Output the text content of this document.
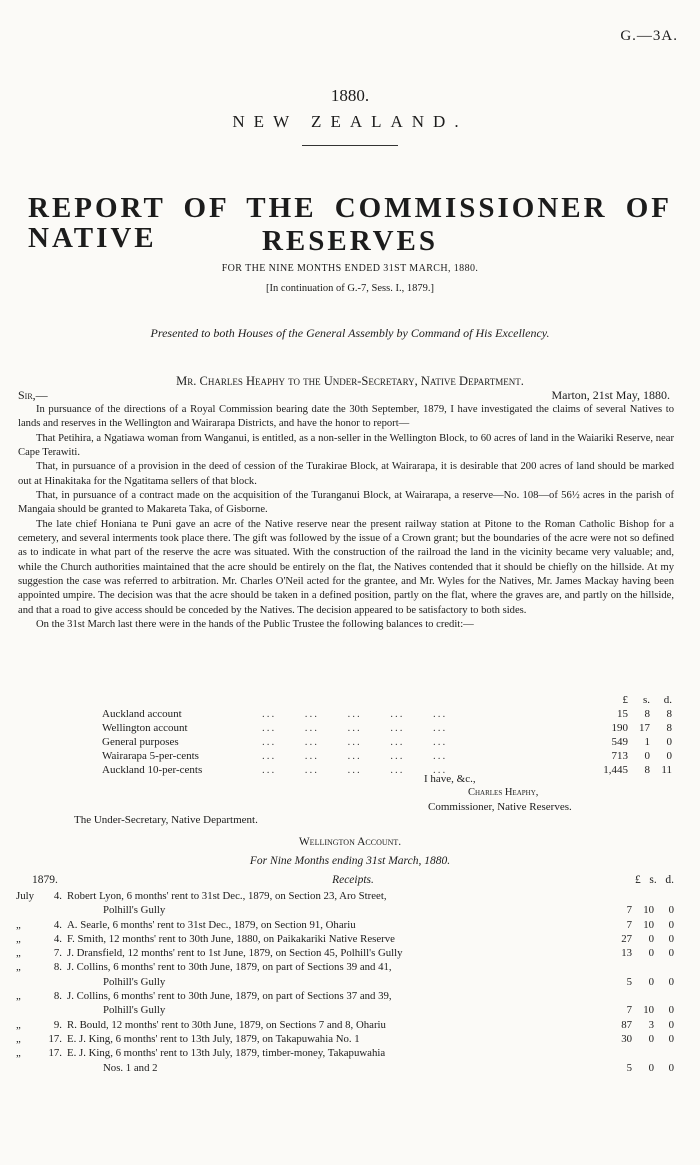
G.—3A.
1880.
NEW ZEALAND.
REPORT OF THE COMMISSIONER OF NATIVE	RESERVES
FOR THE NINE MONTHS ENDED 31ST MARCH, 1880.
[In continuation of G.-7, Sess. I., 1879.]
Presented to both Houses of the General Assembly by Command of His Excellency.
Mr. Charles Heaphy to the Under-Secretary, Native Department.
Sir,—	Marton, 21st May, 1880.

In pursuance of the directions of a Royal Commission bearing date the 30th September, 1879, I have investigated the claims of several Natives to lands and reserves in the Wellington and Wairarapa Districts, and have the honor to report—

That Petihira, a Ngatiawa woman from Wanganui, is entitled, as a non-seller in the Wellington Block, to 60 acres of land in the Waiariki Reserve, near Cape Terawiti.

That, in pursuance of a provision in the deed of cession of the Turakirae Block, at Wairarapa, it is desirable that 200 acres of land should be marked out at Hinakitaka for the Ngatitama sellers of that block.

That, in pursuance of a contract made on the acquisition of the Turanganui Block, at Wairarapa, a reserve—No. 108—of 56½ acres in the parish of Mangaia should be granted to Makareta Taka, of Gisborne.

The late chief Honiana te Puni gave an acre of the Native reserve near the present railway station at Pitone to the Roman Catholic Bishop for a cemetery, and several interments took place there. The gift was followed by the issue of a Crown grant; but the boundaries of the acre were not so defined as to indicate in what part of the reserve the acre was situated. With the construction of the railroad the land in the vicinity became very valuable; and, while the Church authorities maintained that the acre should be entirely on the flat, the Natives contended that it should be chiefly on the hillside. At my suggestion the case was referred to arbitration. Mr. Charles O'Neil acted for the grantee, and Mr. Wyles for the Natives, Mr. James Mackay having been appointed umpire. The decision was that the acre should be taken in a defined position, partly on the flat, where the graves are, and partly on the hillside, and that a road to give access should be conceded by the Natives. The decision appeared to be satisfactory to both sides.

On the 31st March last there were in the hands of the Public Trustee the following balances to credit:—

£	s.	d.
Auckland account	...      ...      ...      ...      ...	15	8	8
Wellington account	...      ...      ...      ...      ...	190	17	8
General purposes	...      ...      ...      ...      ...	549	1	0
Wairarapa 5-per-cents	...      ...      ...      ...      ...	713	0	0
Auckland 10-per-cents	...      ...      ...      ...      ...	1,445	8	11
I have, &c.,
Charles Heaphy,
Commissioner, Native Reserves.
The Under-Secretary, Native Department.
Wellington Account.
For Nine Months ending 31st March, 1880.
1879.	Receipts.	£ s. d.
July	4. Robert Lyon, 6 months' rent to 31st Dec., 1879, on Section 23, Aro Street,
Polhill's Gully	7	10	0
„	4. A. Searle, 6 months' rent to 31st Dec., 1879, on Section 91, Ohariu	7	10	0
„	4. F. Smith, 12 months' rent to 30th June, 1880, on Paikakariki Native Reserve	27	0	0
„	7. J. Dransfield, 12 months' rent to 1st June, 1879, on Section 45, Polhill's Gully	13	0	0
„	8. J. Collins, 6 months' rent to 30th June, 1879, on part of Sections 39 and 41,
Polhill's Gully	5	0	0
„	8. J. Collins, 6 months' rent to 30th June, 1879, on part of Sections 37 and 39,
Polhill's Gully	7	10	0
„	9. R. Bould, 12 months' rent to 30th June, 1879, on Sections 7 and 8, Ohariu	87	3	0
„	17. E. J. King, 6 months' rent to 13th July, 1879, on Takapuwahia No. 1	30	0	0
„	17. E. J. King, 6 months' rent to 13th July, 1879, timber-money, Takapuwahia
Nos. 1 and 2	5	0	0
